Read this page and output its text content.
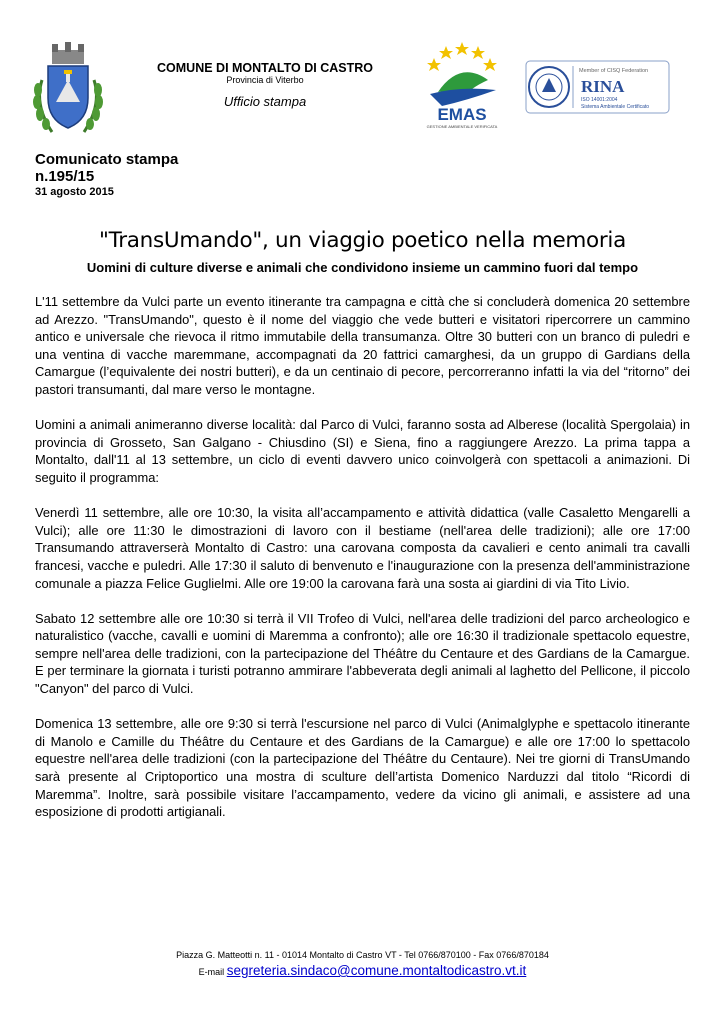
COMUNE DI MONTALTO DI CASTRO
Provincia di Viterbo
Ufficio stampa
EMAS
GESTIONE AMBIENTALE VERIFICATA
Member of CISQ Federation
RINA
ISO 14001:2004
Sistema Ambientale Certificato
Comunicato stampa
n.195/15
31 agosto 2015
"TransUmando", un viaggio poetico nella memoria
Uomini di culture diverse e animali che condividono insieme un cammino fuori dal tempo

L'11 settembre da Vulci parte un evento itinerante tra campagna e città che si concluderà domenica 20 settembre ad Arezzo. "TransUmando", questo è il nome del viaggio che vede butteri e visitatori ripercorrere un cammino antico e universale che rievoca il ritmo immutabile della transumanza. Oltre 30 butteri con un branco di puledri e una ventina di vacche maremmane, accompagnati da 20 fattrici camarghesi, da un gruppo di Gardians della Camargue (l’equivalente dei nostri butteri), e da un centinaio di pecore, percorreranno infatti la via del “ritorno” dei pastori transumanti, dal mare verso le montagne.

Uomini a animali animeranno diverse località: dal Parco di Vulci, faranno sosta ad Alberese (località Spergolaia) in provincia di Grosseto, San Galgano - Chiusdino (SI) e Siena, fino a raggiungere Arezzo. La prima tappa a Montalto, dall'11 al 13 settembre, un ciclo di eventi davvero unico coinvolgerà con spettacoli a animazioni. Di seguito il programma:

Venerdì 11 settembre, alle ore 10:30, la visita all’accampamento e attività didattica (valle Casaletto Mengarelli a Vulci); alle ore 11:30 le dimostrazioni di lavoro con il bestiame (nell'area delle tradizioni); alle ore 17:00 Transumando attraverserà Montalto di Castro: una carovana composta da cavalieri e cento animali tra cavalli francesi, vacche e puledri. Alle 17:30 il saluto di benvenuto e l'inaugurazione con la presenza dell'amministrazione comunale a piazza Felice Guglielmi. Alle ore 19:00 la carovana farà una sosta ai giardini di via Tito Livio.

Sabato 12 settembre alle ore 10:30 si terrà il VII Trofeo di Vulci, nell'area delle tradizioni del parco archeologico e naturalistico (vacche, cavalli e uomini di Maremma a confronto); alle ore 16:30 il tradizionale spettacolo equestre, sempre nell'area delle tradizioni, con la partecipazione del Théâtre du Centaure et des Gardians de la Camargue. E per terminare la giornata i turisti potranno ammirare l'abbeverata degli animali al laghetto del Pellicone, il piccolo "Canyon" del parco di Vulci.

Domenica 13 settembre, alle ore 9:30 si terrà l'escursione nel parco di Vulci (Animalglyphe e spettacolo itinerante di Manolo e Camille du Théâtre du Centaure et des Gardians de la Camargue) e alle ore 17:00 lo spettacolo equestre nell'area delle tradizioni (con la partecipazione del Théâtre du Centaure). Nei tre giorni di TransUmando sarà presente al Criptoportico una mostra di sculture dell’artista Domenico Narduzzi dal titolo “Ricordi di Maremma”. Inoltre, sarà possibile visitare l’accampamento, vedere da vicino gli animali, e assistere ad una esposizione di prodotti artigianali.

Piazza G. Matteotti n. 11 - 01014 Montalto di Castro VT - Tel 0766/870100 - Fax 0766/870184
E-mail segreteria.sindaco@comune.montaltodicastro.vt.it
